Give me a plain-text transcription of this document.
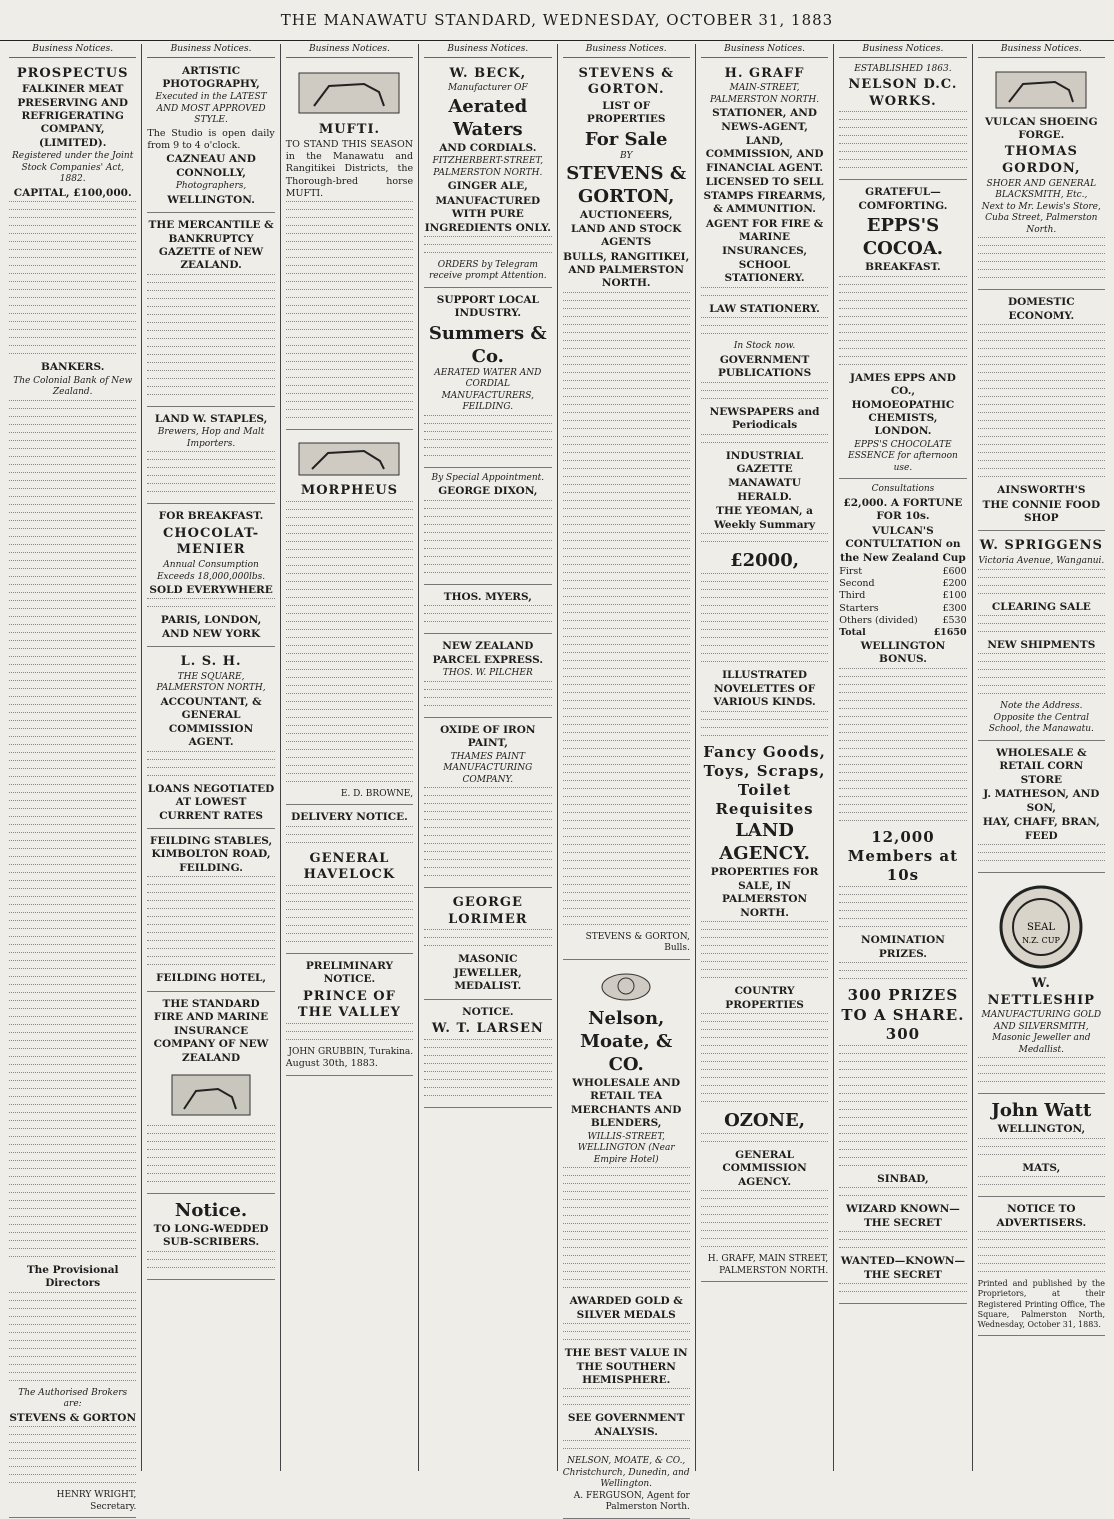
THE MANAWATU STANDARD, WEDNESDAY, OCTOBER 31, 1883
Business Notices.
PROSPECTUS
FALKINER MEAT PRESERVING AND REFRIGERATING COMPANY, (LIMITED).
Registered under the Joint Stock Companies' Act, 1882.
CAPITAL, £100,000.
BANKERS.
The Colonial Bank of New Zealand.
The Provisional Directors
The Authorised Brokers are:
STEVENS & GORTON
HENRY WRIGHT, Secretary.
Business Notices.
ARTISTIC PHOTOGRAPHY,
Executed in the LATEST AND MOST APPROVED STYLE.

The Studio is open daily from 9 to 4 o'clock.

CAZNEAU AND CONNOLLY,
Photographers,
WELLINGTON.
THE MERCANTILE & BANKRUPTCY GAZETTE of NEW ZEALAND.
LAND W. STAPLES,
Brewers, Hop and Malt Importers.
FOR BREAKFAST.
CHOCOLAT-MENIER
Annual Consumption Exceeds 18,000,000lbs.
SOLD EVERYWHERE
PARIS, LONDON, AND NEW YORK
L. S. H.
THE SQUARE, PALMERSTON NORTH,
ACCOUNTANT, & GENERAL COMMISSION AGENT.
LOANS NEGOTIATED AT LOWEST CURRENT RATES
FEILDING STABLES, KIMBOLTON ROAD, FEILDING.
FEILDING HOTEL,
THE STANDARD FIRE AND MARINE INSURANCE COMPANY OF NEW ZEALAND
Notice.
TO LONG-WEDDED SUB-SCRIBERS.
Business Notices.
MUFTI.

TO STAND THIS SEASON in the Manawatu and Rangitikei Districts, the Thorough-bred horse MUFTI.

MORPHEUS
E. D. BROWNE,
DELIVERY NOTICE.
GENERAL HAVELOCK
PRELIMINARY NOTICE.
PRINCE OF THE VALLEY
JOHN GRUBBIN, Turakina.
August 30th, 1883.
Business Notices.
W. BECK,
Manufacturer OF
Aerated Waters
AND CORDIALS.
FITZHERBERT-STREET, PALMERSTON NORTH.
GINGER ALE,
MANUFACTURED WITH PURE INGREDIENTS ONLY.
ORDERS by Telegram receive prompt Attention.
SUPPORT LOCAL INDUSTRY.
Summers & Co.
AERATED WATER AND CORDIAL MANUFACTURERS, FEILDING.
By Special Appointment.
GEORGE DIXON,
THOS. MYERS,
NEW ZEALAND PARCEL EXPRESS.
THOS. W. PILCHER
OXIDE OF IRON PAINT,
THAMES PAINT MANUFACTURING COMPANY.
GEORGE LORIMER
MASONIC JEWELLER, MEDALIST.
NOTICE.
W. T. LARSEN
Business Notices.
STEVENS & GORTON.
LIST OF PROPERTIES
For Sale
BY
STEVENS & GORTON,
AUCTIONEERS, LAND AND STOCK AGENTS
BULLS, RANGITIKEI, AND PALMERSTON NORTH.
STEVENS & GORTON, Bulls.
Nelson, Moate, & CO.
WHOLESALE AND RETAIL TEA MERCHANTS AND BLENDERS,
WILLIS-STREET, WELLINGTON (Near Empire Hotel)
AWARDED GOLD & SILVER MEDALS
THE BEST VALUE IN THE SOUTHERN HEMISPHERE.
SEE GOVERNMENT ANALYSIS.
NELSON, MOATE, & CO., Christchurch, Dunedin, and Wellington.
A. FERGUSON, Agent for Palmerston North.
Business Notices.
H. GRAFF
MAIN-STREET, PALMERSTON NORTH.
STATIONER, AND NEWS-AGENT,
LAND, COMMISSION, AND FINANCIAL AGENT.
LICENSED TO SELL STAMPS FIREARMS, & AMMUNITION.
AGENT FOR FIRE & MARINE INSURANCES,
SCHOOL STATIONERY.
LAW STATIONERY.
In Stock now.
GOVERNMENT PUBLICATIONS
NEWSPAPERS and Periodicals
INDUSTRIAL GAZETTE
MANAWATU HERALD.
THE YEOMAN, a Weekly Summary
£2000,
ILLUSTRATED NOVELETTES OF VARIOUS KINDS.
Fancy Goods, Toys, Scraps, Toilet Requisites
LAND AGENCY.
PROPERTIES FOR SALE, IN PALMERSTON NORTH.
COUNTRY PROPERTIES
OZONE,
GENERAL COMMISSION AGENCY.
H. GRAFF, MAIN STREET, PALMERSTON NORTH.
Business Notices.
ESTABLISHED 1863.
NELSON D.C. WORKS.
GRATEFUL—COMFORTING.
EPPS'S COCOA.
BREAKFAST.
JAMES EPPS AND CO., HOMOEOPATHIC CHEMISTS, LONDON.
EPPS'S CHOCOLATE ESSENCE for afternoon use.
Consultations
£2,000. A FORTUNE FOR 10s.
VULCAN'S CONTULTATION on the New Zealand Cup
First	£600
Second	£200
Third	£100
Starters	£300
Others (divided)	£530
Total	£1650
WELLINGTON BONUS.
12,000 Members at 10s
NOMINATION PRIZES.
300 PRIZES TO A SHARE. 300
SINBAD,
WIZARD KNOWN—THE SECRET
WANTED—KNOWN—THE SECRET
Business Notices.
VULCAN SHOEING FORGE.
THOMAS GORDON,
SHOER AND GENERAL BLACKSMITH, Etc.,
Next to Mr. Lewis's Store, Cuba Street, Palmerston North.
DOMESTIC ECONOMY.
AINSWORTH'S
THE CONNIE FOOD SHOP
W. SPRIGGENS
Victoria Avenue, Wanganui.
CLEARING SALE
NEW SHIPMENTS
Note the Address.
Opposite the Central School, the Manawatu.
WHOLESALE & RETAIL CORN STORE
J. MATHESON, AND SON,
HAY, CHAFF, BRAN, FEED
SEAL
N.Z. CUP
W. NETTLESHIP
MANUFACTURING GOLD AND SILVERSMITH,
Masonic Jeweller and Medallist.
John Watt
WELLINGTON,
MATS,
NOTICE TO ADVERTISERS.

Printed and published by the Proprietors, at their Registered Printing Office, The Square, Palmerston North, Wednesday, October 31, 1883.
